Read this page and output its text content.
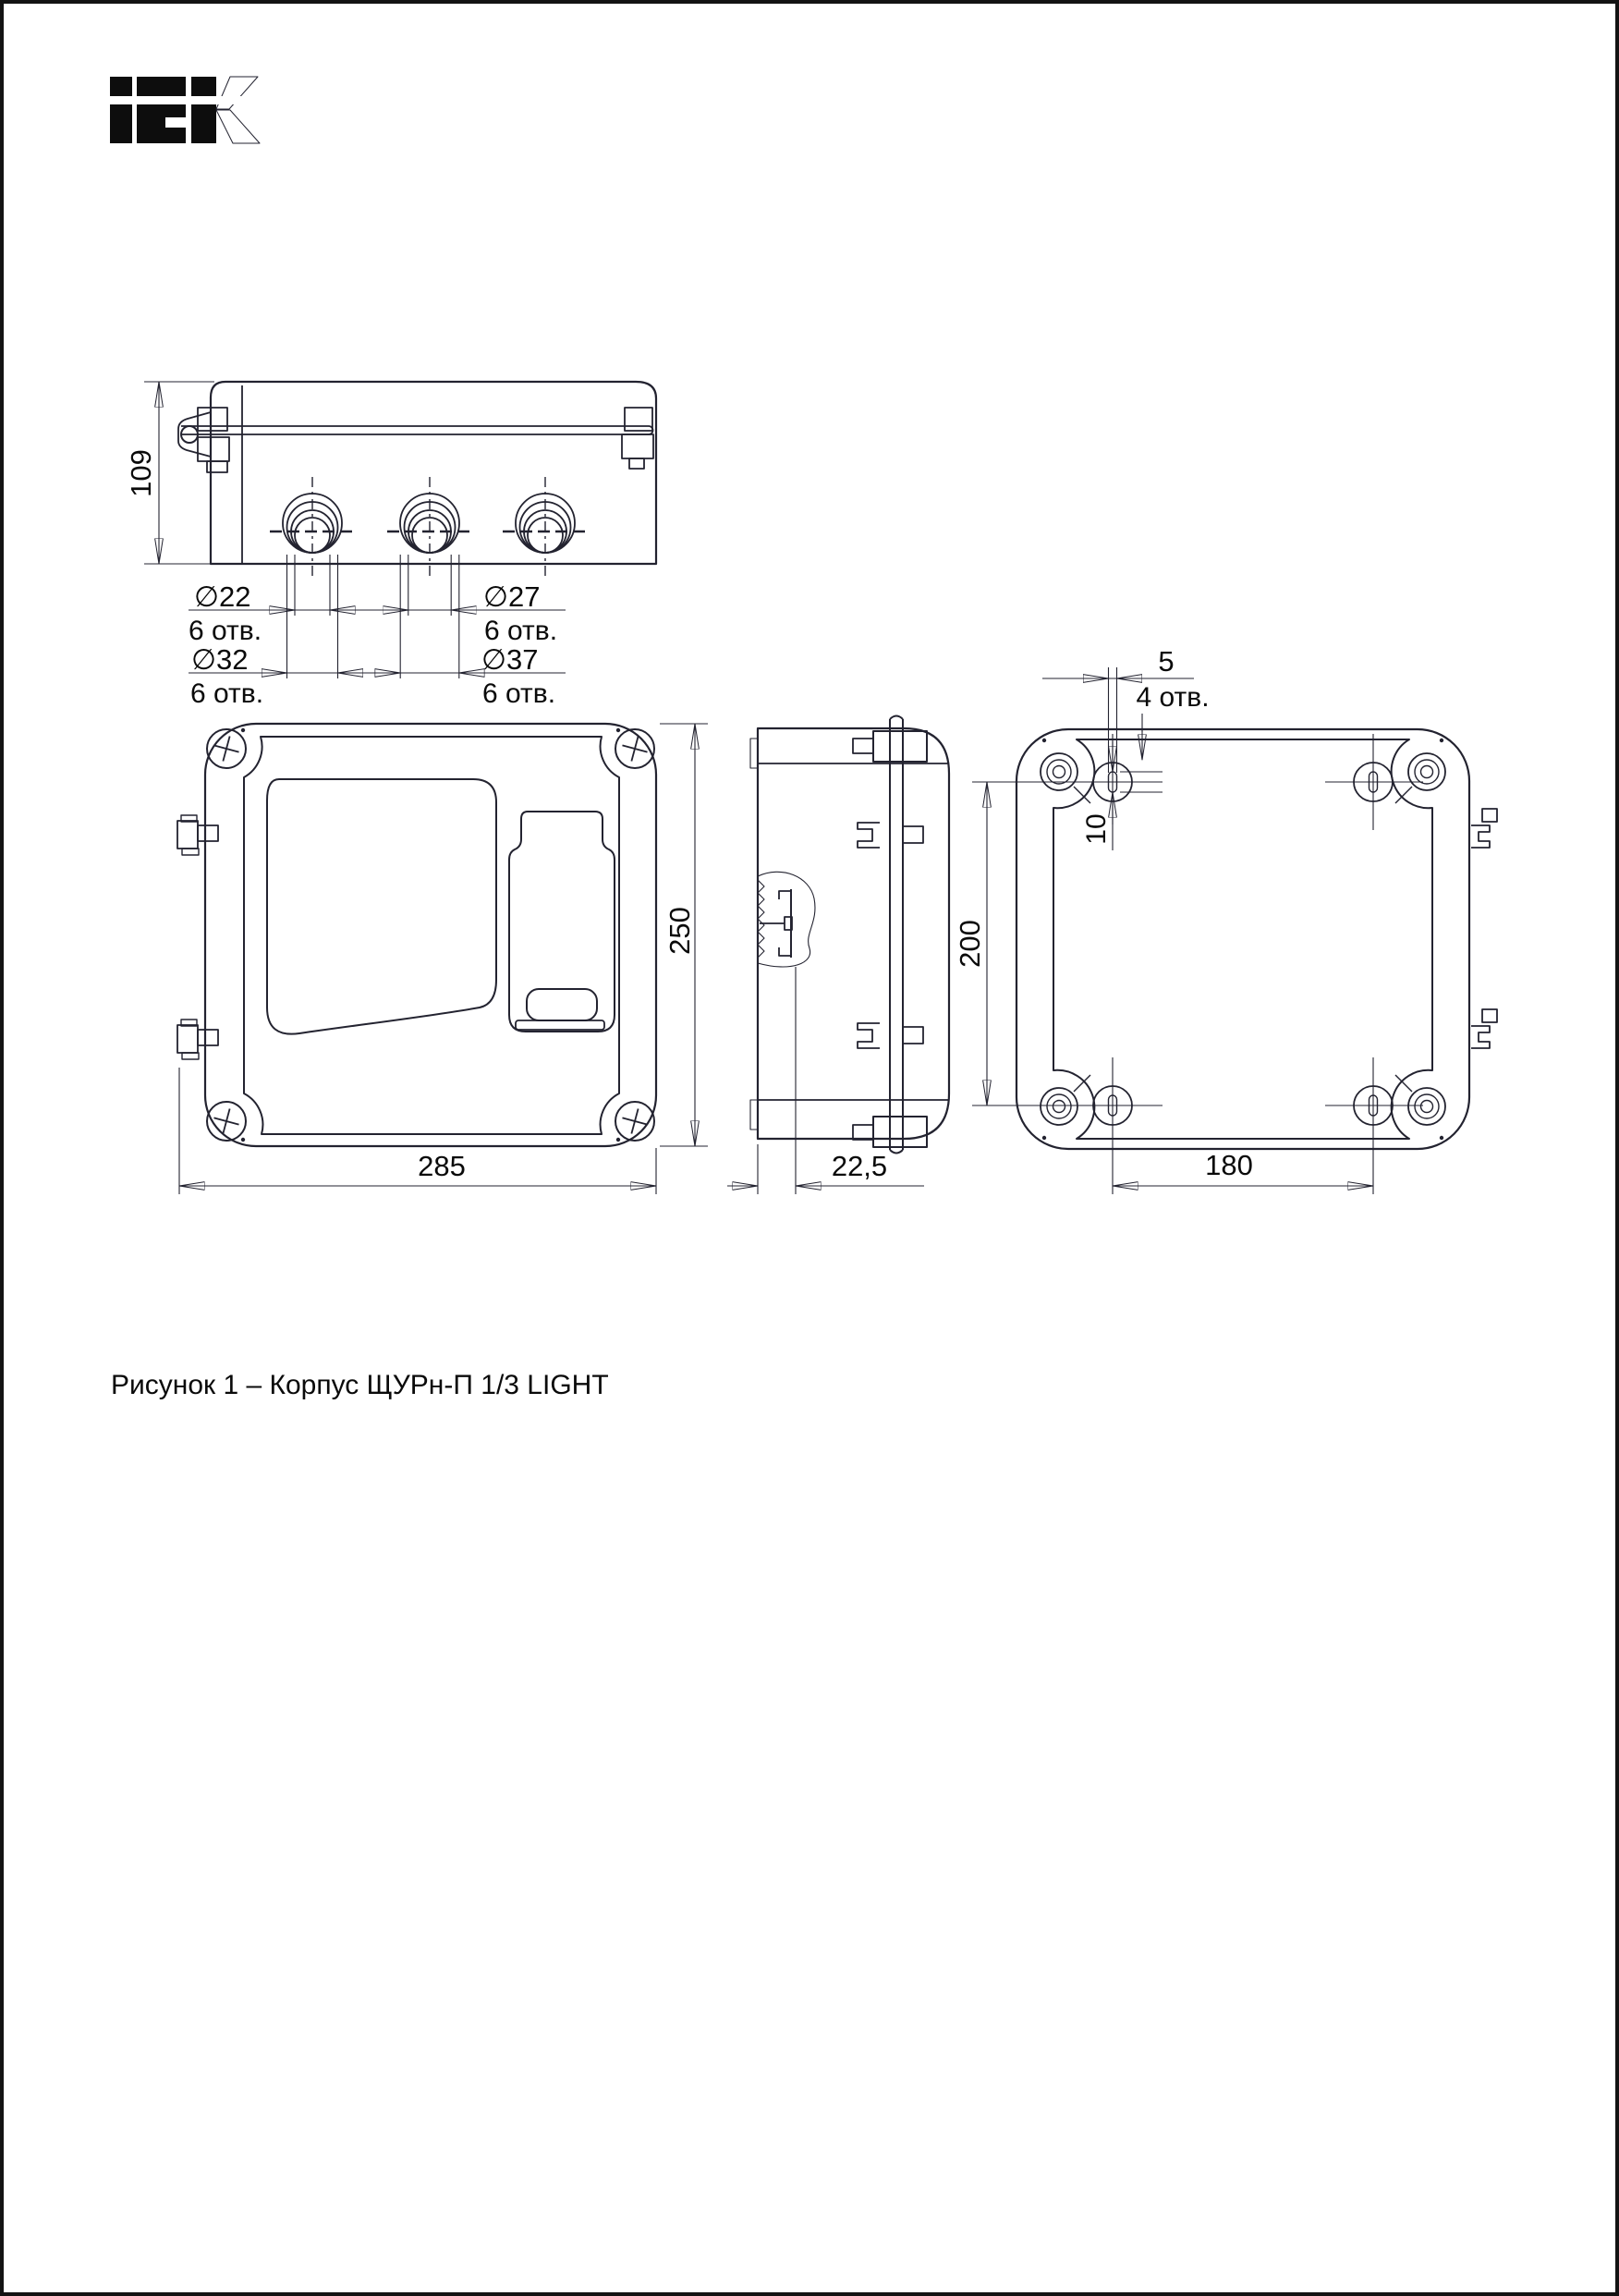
109
∅22
6 отв.
∅32
6 отв.
∅27
6 отв.
∅37
6 отв.
285
250
22,5
200
180
5
4 отв.
10
Рисунок 1 – Корпус ЩУРн-П 1/3 LIGHT
